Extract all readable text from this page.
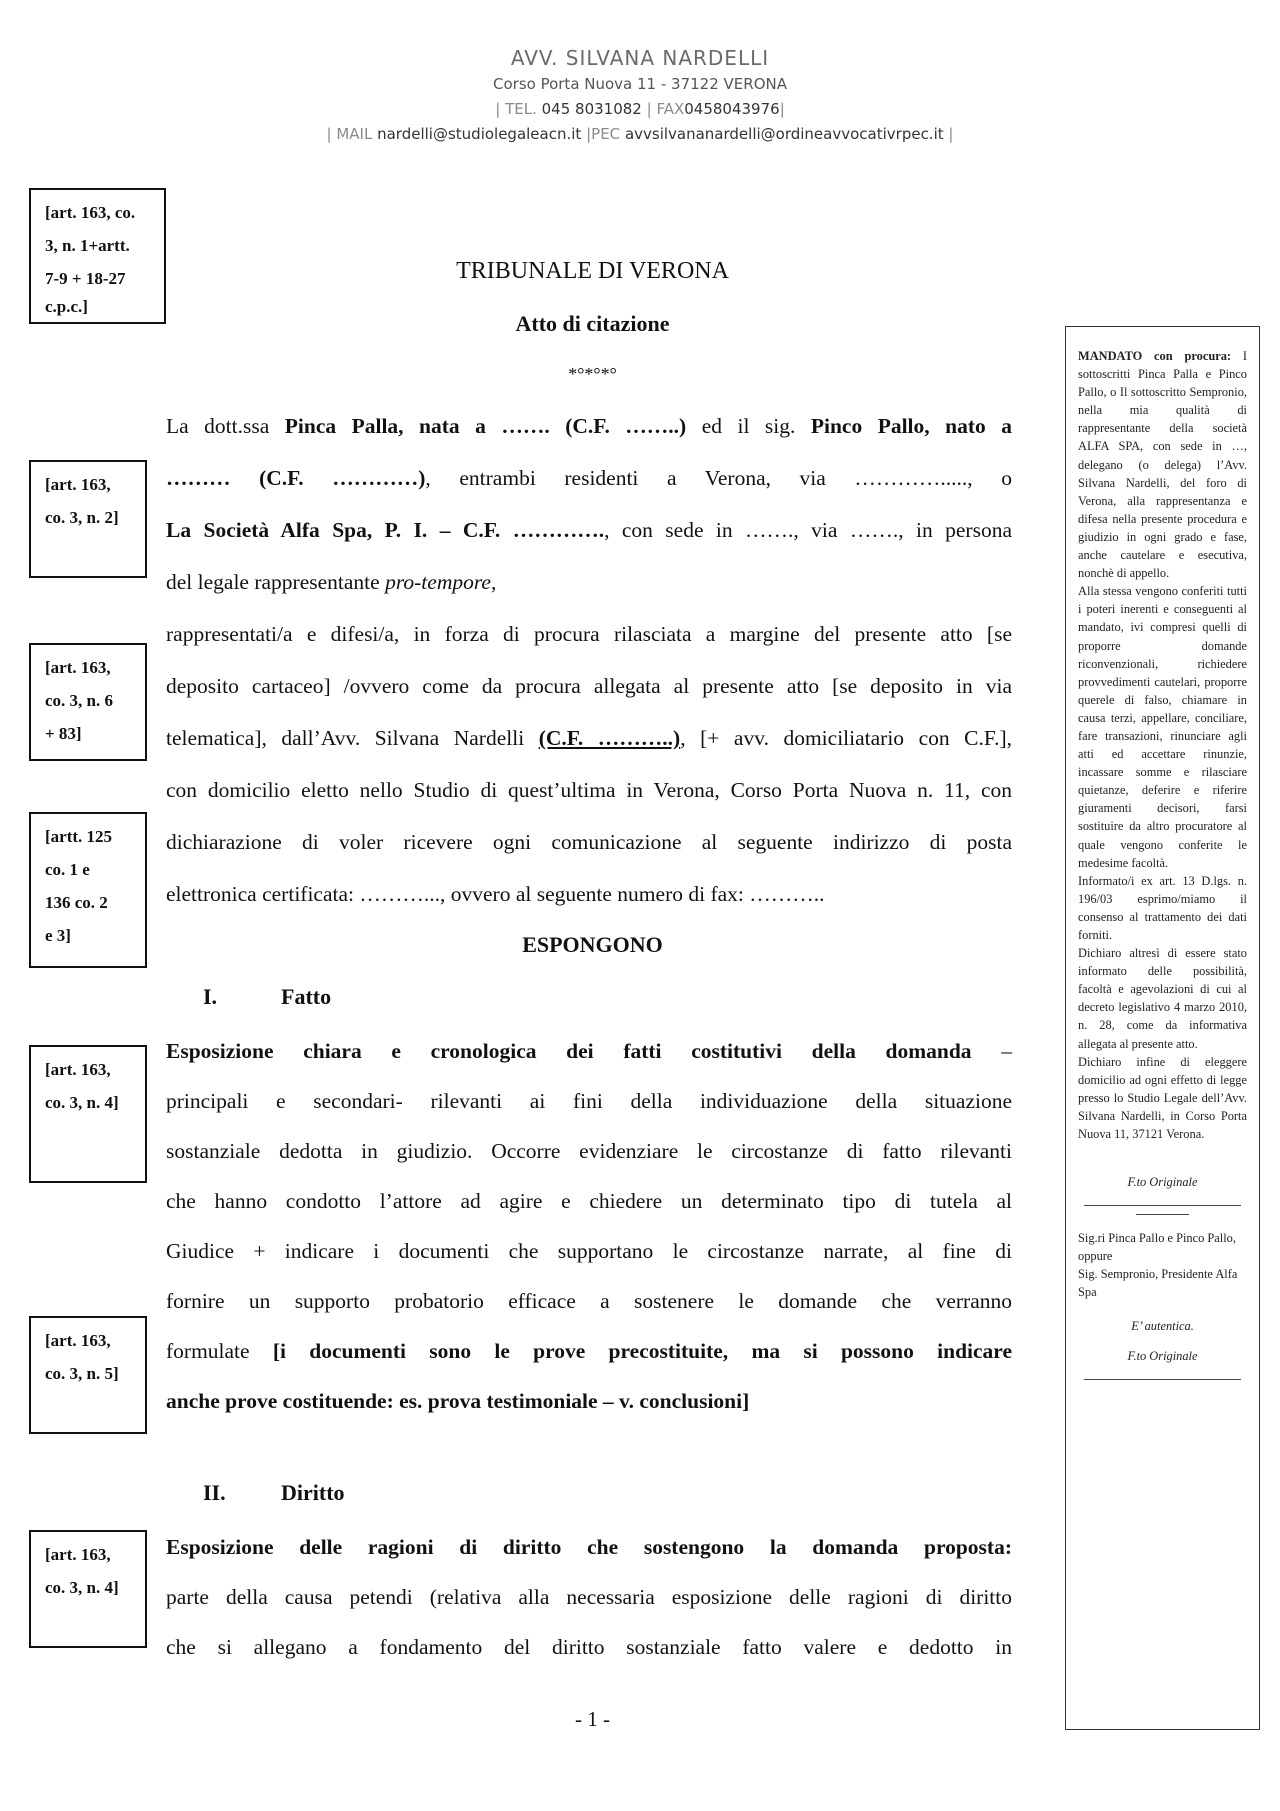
AVV. SILVANA NARDELLI
Corso Porta Nuova 11 - 37122 VERONA
| TEL. 045 8031082 | FAX0458043976|
| MAIL nardelli@studiolegaleacn.it |PEC avvsilvananardelli@ordineavvocativrpec.it |
[art. 163, co.
3, n. 1+artt.
7-9 + 18-27
c.p.c.]
[art. 163,
co. 3, n. 2]
[art. 163,
co. 3, n. 6
+ 83]
[artt. 125
co. 1 e
136 co. 2
e 3]
[art. 163,
co. 3, n. 4]
[art. 163,
co. 3, n. 5]
[art. 163,
co. 3, n. 4]
TRIBUNALE DI VERONA
Atto di citazione
*°*°*°
La dott.ssa Pinca Palla, nata a ……. (C.F. ……..) ed il sig. Pinco Pallo, nato a
……… (C.F. …………), entrambi residenti a Verona, via …………....., o
La Società Alfa Spa, P. I. – C.F. …………., con sede in ……., via ……., in persona
del legale rappresentante pro-tempore,
rappresentati/a e difesi/a, in forza di procura rilasciata a margine del presente atto [se
deposito cartaceo] /ovvero come da procura allegata al presente atto [se deposito in via
telematica], dall’Avv. Silvana Nardelli (C.F. ………..), [+ avv. domiciliatario con C.F.],
con domicilio eletto nello Studio di quest’ultima in Verona, Corso Porta Nuova n. 11, con
dichiarazione di voler ricevere ogni comunicazione al seguente indirizzo di posta
elettronica certificata: ………..., ovvero al seguente numero di fax: ………..
ESPONGONO
I.	Fatto
Esposizione chiara e cronologica dei fatti costitutivi della domanda –
principali e secondari- rilevanti ai fini della individuazione della situazione
sostanziale dedotta in giudizio. Occorre evidenziare le circostanze di fatto rilevanti
che hanno condotto l’attore ad agire e chiedere un determinato tipo di tutela al
Giudice + indicare i documenti che supportano le circostanze narrate, al fine di
fornire un supporto probatorio efficace a sostenere le domande che verranno
formulate [i documenti sono le prove precostituite, ma si possono indicare
anche prove costituende: es. prova testimoniale – v. conclusioni]
II.	Diritto
Esposizione delle ragioni di diritto che sostengono la domanda proposta:
parte della causa petendi (relativa alla necessaria esposizione delle ragioni di diritto
che si allegano a fondamento del diritto sostanziale fatto valere e dedotto in
MANDATO con procura: I sottoscritti Pinca Palla e Pinco Pallo, o Il sottoscritto Sempronio, nella mia qualità di rappresentante della società ALFA SPA, con sede in …, delegano (o delega) l’Avv. Silvana Nardelli, del foro di Verona, alla rappresentanza e difesa nella presente procedura e giudizio in ogni grado e fase, anche cautelare e esecutiva, nonchè di appello.
Alla stessa vengono conferiti tutti i poteri inerenti e conseguenti al mandato, ivi compresi quelli di proporre domande riconvenzionali, richiedere provvedimenti cautelari, proporre querele di falso, chiamare in causa terzi, appellare, conciliare, fare transazioni, rinunciare agli atti ed accettare rinunzie, incassare somme e rilasciare quietanze, deferire e riferire giuramenti decisori, farsi sostituire da altro procuratore al quale vengono conferite le medesime facoltà.
Informato/i ex art. 13 D.lgs. n. 196/03 esprimo/miamo il consenso al trattamento dei dati forniti.
Dichiaro altresì di essere stato informato delle possibilità, facoltà e agevolazioni di cui al decreto legislativo 4 marzo 2010, n. 28, come da informativa allegata al presente atto.
Dichiaro infine di eleggere domicilio ad ogni effetto di legge presso lo Studio Legale dell’Avv. Silvana Nardelli, in Corso Porta Nuova 11, 37121 Verona.
F.to Originale
Sig.ri Pinca Pallo e Pinco Pallo,
oppure
Sig. Sempronio, Presidente Alfa Spa
E’ autentica.
F.to Originale
- 1 -
